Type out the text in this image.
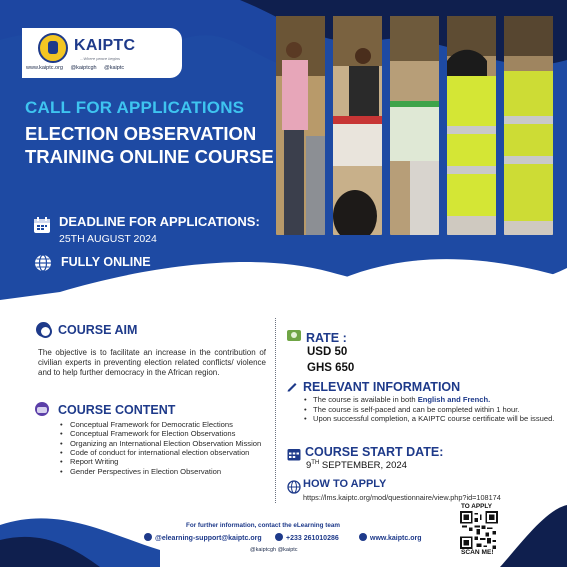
KAIPTC
...Where peace begins
www.kaiptc.org @kaiptcgh @kaiptc
CALL FOR APPLICATIONS
ELECTION OBSERVATION TRAINING ONLINE COURSE
DEADLINE FOR APPLICATIONS:
25TH AUGUST 2024
FULLY ONLINE
COURSE AIM
The objective is to facilitate an increase in the contribution of civilian experts in preventing election related conflicts/ violence and to help further democracy in the African region.
COURSE CONTENT
• Conceptual Framework for Democratic Elections
• Conceptual Framework for Election Observations
• Organizing an International Election Observation Mission
• Code of conduct for international election observation
• Report Writing
• Gender Perspectives in Election Observation
RATE :
USD 50
GHS 650
RELEVANT INFORMATION
• The course is available in both English and French.
• The course is self-paced and can be completed within 1 hour.
• Upon successful completion, a KAIPTC course certificate will be issued.
COURSE START DATE:
9TH SEPTEMBER, 2024
HOW TO APPLY
https://lms.kaiptc.org/mod/questionnaire/view.php?id=108174
For further information, contact the eLearning team
@elearning-support@kaiptc.org	+233 261010286	www.kaiptc.org
@kaiptcgh @kaiptc
TO APPLY
SCAN ME!
